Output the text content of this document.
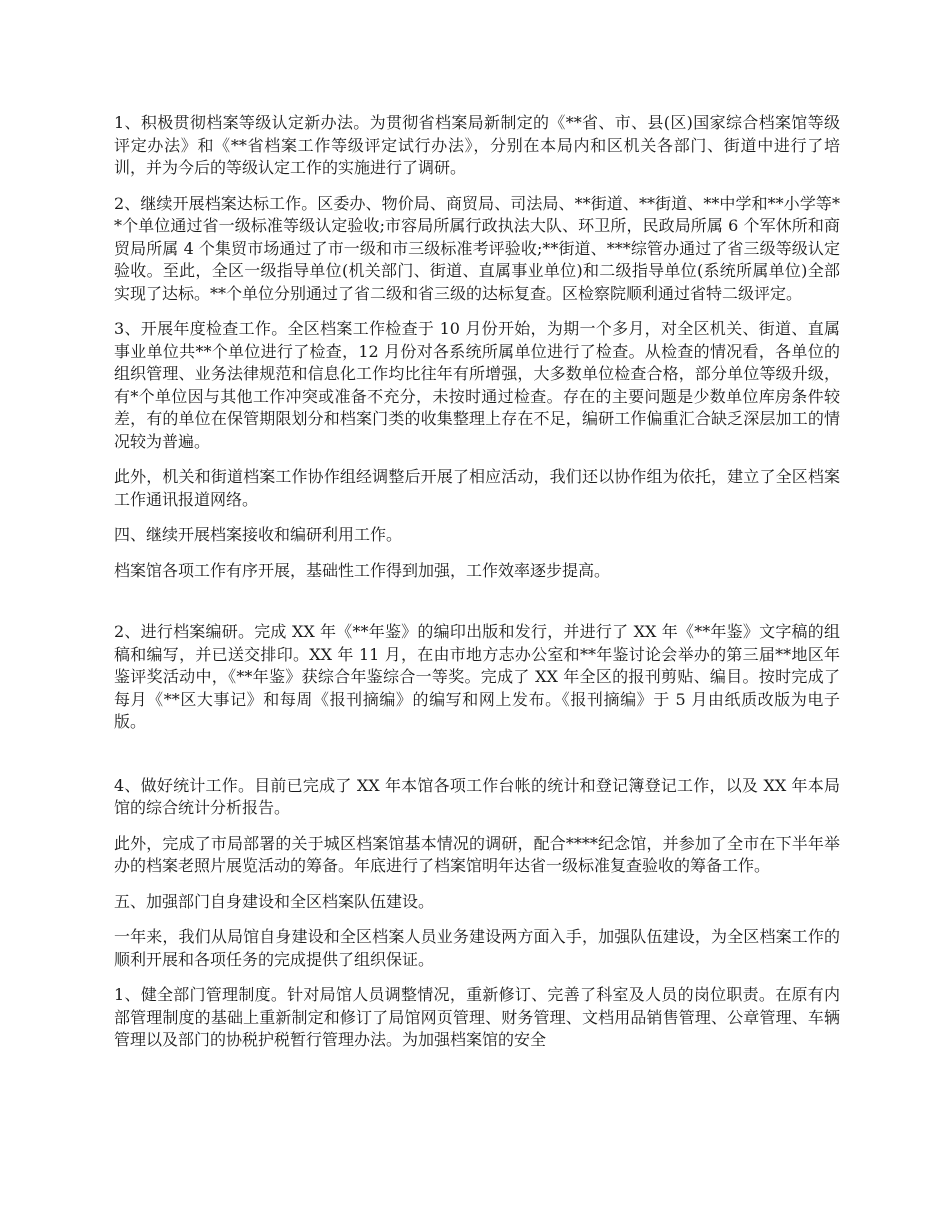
1、积极贯彻档案等级认定新办法。为贯彻省档案局新制定的《**省、市、县(区)国家综合档案馆等级评定办法》和《**省档案工作等级评定试行办法》，分别在本局内和区机关各部门、街道中进行了培训，并为今后的等级认定工作的实施进行了调研。

2、继续开展档案达标工作。区委办、物价局、商贸局、司法局、**街道、**街道、**中学和**小学等**个单位通过省一级标准等级认定验收;市容局所属行政执法大队、环卫所，民政局所属 6 个军休所和商贸局所属 4 个集贸市场通过了市一级和市三级标准考评验收;**街道、***综管办通过了省三级等级认定验收。至此，全区一级指导单位(机关部门、街道、直属事业单位)和二级指导单位(系统所属单位)全部实现了达标。**个单位分别通过了省二级和省三级的达标复查。区检察院顺利通过省特二级评定。

3、开展年度检查工作。全区档案工作检查于 10 月份开始，为期一个多月，对全区机关、街道、直属事业单位共**个单位进行了检查，12 月份对各系统所属单位进行了检查。从检查的情况看，各单位的组织管理、业务法律规范和信息化工作均比往年有所增强，大多数单位检查合格，部分单位等级升级，有*个单位因与其他工作冲突或准备不充分，未按时通过检查。存在的主要问题是少数单位库房条件较差，有的单位在保管期限划分和档案门类的收集整理上存在不足，编研工作偏重汇合缺乏深层加工的情况较为普遍。

此外，机关和街道档案工作协作组经调整后开展了相应活动，我们还以协作组为依托，建立了全区档案工作通讯报道网络。

四、继续开展档案接收和编研利用工作。

档案馆各项工作有序开展，基础性工作得到加强，工作效率逐步提高。

2、进行档案编研。完成 XX 年《**年鉴》的编印出版和发行，并进行了 XX 年《**年鉴》文字稿的组稿和编写，并已送交排印。XX 年 11 月，在由市地方志办公室和**年鉴讨论会举办的第三届**地区年鉴评奖活动中，《**年鉴》获综合年鉴综合一等奖。完成了 XX 年全区的报刊剪贴、编目。按时完成了每月《**区大事记》和每周《报刊摘编》的编写和网上发布。《报刊摘编》于 5 月由纸质改版为电子版。

4、做好统计工作。目前已完成了 XX 年本馆各项工作台帐的统计和登记簿登记工作，以及 XX 年本局馆的综合统计分析报告。

此外，完成了市局部署的关于城区档案馆基本情况的调研，配合****纪念馆，并参加了全市在下半年举办的档案老照片展览活动的筹备。年底进行了档案馆明年达省一级标准复查验收的筹备工作。

五、加强部门自身建设和全区档案队伍建设。

一年来，我们从局馆自身建设和全区档案人员业务建设两方面入手，加强队伍建设，为全区档案工作的顺利开展和各项任务的完成提供了组织保证。

1、健全部门管理制度。针对局馆人员调整情况，重新修订、完善了科室及人员的岗位职责。在原有内部管理制度的基础上重新制定和修订了局馆网页管理、财务管理、文档用品销售管理、公章管理、车辆管理以及部门的协税护税暂行管理办法。为加强档案馆的安全
